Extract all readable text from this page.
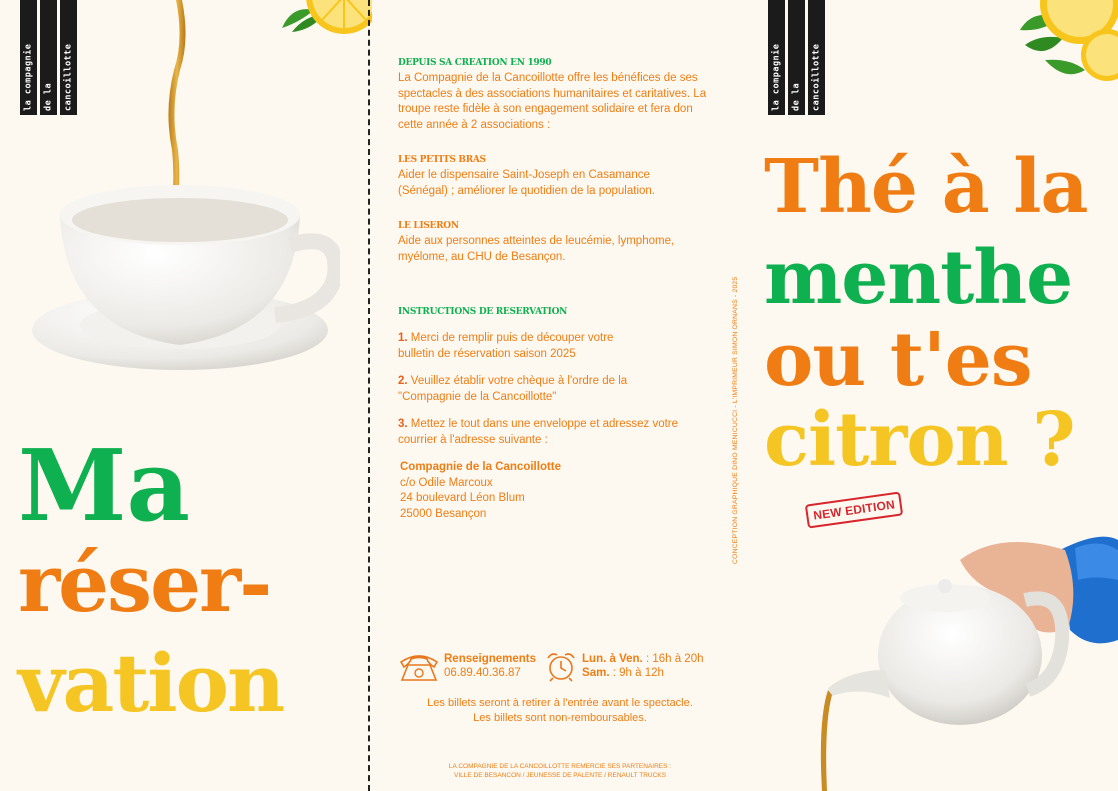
la compagnie	de la	cancoillotte
Ma
réser-
vation
DEPUIS SA CREATION EN 1990
La Compagnie de la Cancoillotte offre les bénéfices de ses spectacles à des associations humanitaires et caritatives. La troupe reste fidèle à son engagement solidaire et fera don cette année à 2 associations :
LES PETITS BRAS
Aider le dispensaire Saint-Joseph en Casamance (Sénégal) ; améliorer le quotidien de la population.
LE LISERON
Aide aux personnes atteintes de leucémie, lymphome, myélome, au CHU de Besançon.
INSTRUCTIONS DE RESERVATION
1. Merci de remplir puis de découper votre bulletin de réservation saison 2025
2. Veuillez établir votre chèque à l'ordre de la "Compagnie de la Cancoillotte"
3. Mettez le tout dans une enveloppe et adressez votre courrier à l'adresse suivante :
Compagnie de la Cancoillotte
c/o Odile Marcoux
24 boulevard Léon Blum
25000 Besançon
Renseignements
06.89.40.36.87
Lun. à Ven. : 16h à 20h
Sam. : 9h à 12h
Les billets seront à retirer à l'entrée avant le spectacle.
Les billets sont non-remboursables.
LA COMPAGNIE DE LA CANCOILLOTTE REMERCIE SES PARTENAIRES :
VILLE DE BESANCON / JEUNESSE DE PALENTE / RENAULT TRUCKS
CONCEPTION GRAPHIQUE DINO MENICUCCI - L'IMPRIMEUR SIMON ORNANS - 2025
la compagnie	de la	cancoillotte
Thé à la
menthe
ou t'es
citron ?
NEW EDITION
